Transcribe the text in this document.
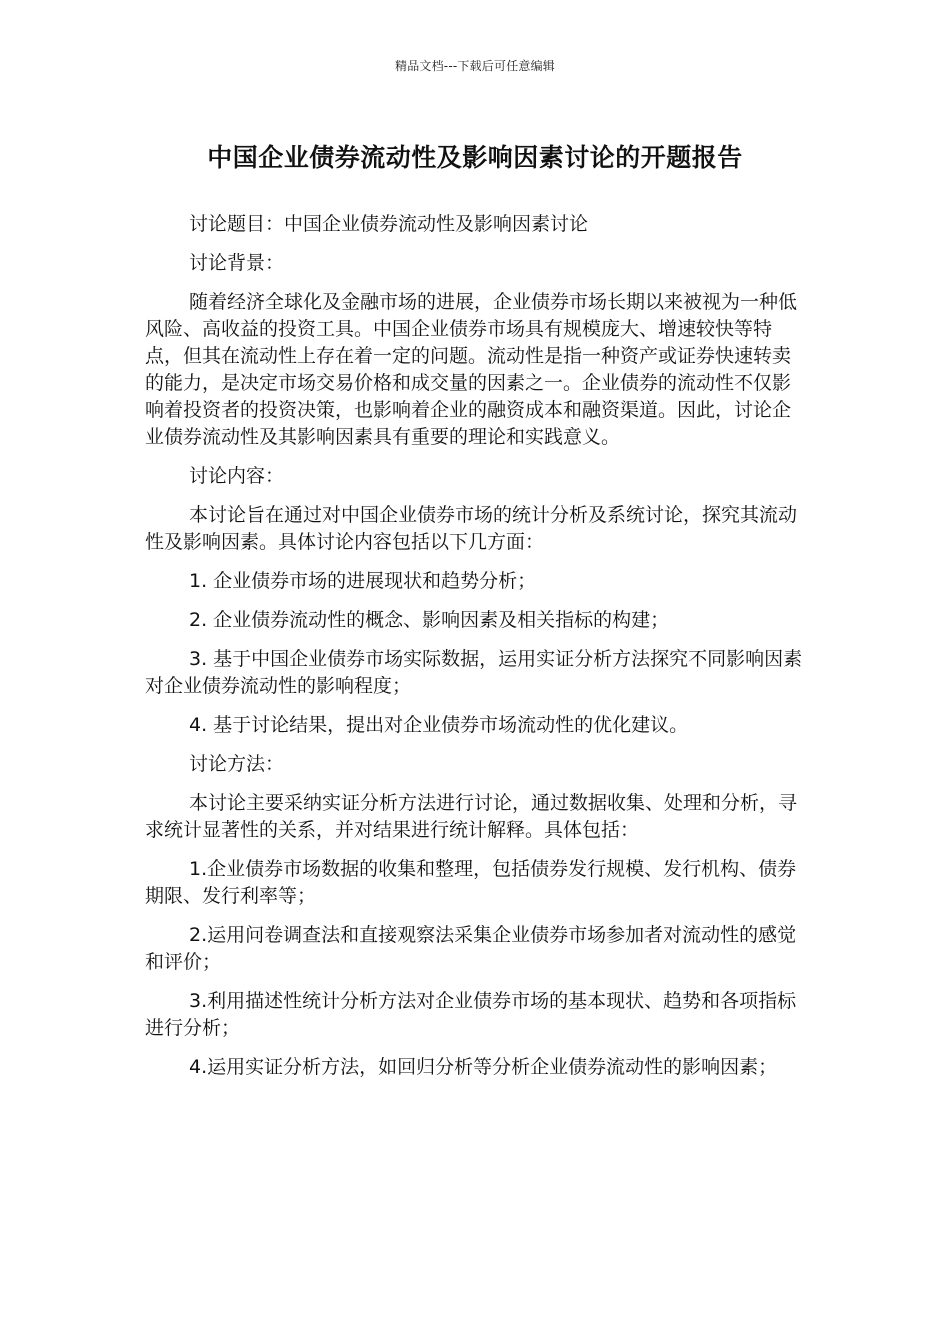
精品文档---下载后可任意编辑
中国企业债券流动性及影响因素讨论的开题报告

讨论题目：中国企业债券流动性及影响因素讨论

讨论背景：

随着经济全球化及金融市场的进展，企业债券市场长期以来被视为一种低风险、高收益的投资工具。中国企业债券市场具有规模庞大、增速较快等特点，但其在流动性上存在着一定的问题。流动性是指一种资产或证券快速转卖的能力，是决定市场交易价格和成交量的因素之一。企业债券的流动性不仅影响着投资者的投资决策，也影响着企业的融资成本和融资渠道。因此，讨论企业债券流动性及其影响因素具有重要的理论和实践意义。

讨论内容：

本讨论旨在通过对中国企业债券市场的统计分析及系统讨论，探究其流动性及影响因素。具体讨论内容包括以下几方面：

1. 企业债券市场的进展现状和趋势分析；

2. 企业债券流动性的概念、影响因素及相关指标的构建；

3. 基于中国企业债券市场实际数据，运用实证分析方法探究不同影响因素对企业债券流动性的影响程度；

4. 基于讨论结果，提出对企业债券市场流动性的优化建议。

讨论方法：

本讨论主要采纳实证分析方法进行讨论，通过数据收集、处理和分析，寻求统计显著性的关系，并对结果进行统计解释。具体包括：

1.企业债券市场数据的收集和整理，包括债券发行规模、发行机构、债券期限、发行利率等；

2.运用问卷调查法和直接观察法采集企业债券市场参加者对流动性的感觉和评价；

3.利用描述性统计分析方法对企业债券市场的基本现状、趋势和各项指标进行分析；

4.运用实证分析方法，如回归分析等分析企业债券流动性的影响因素；
